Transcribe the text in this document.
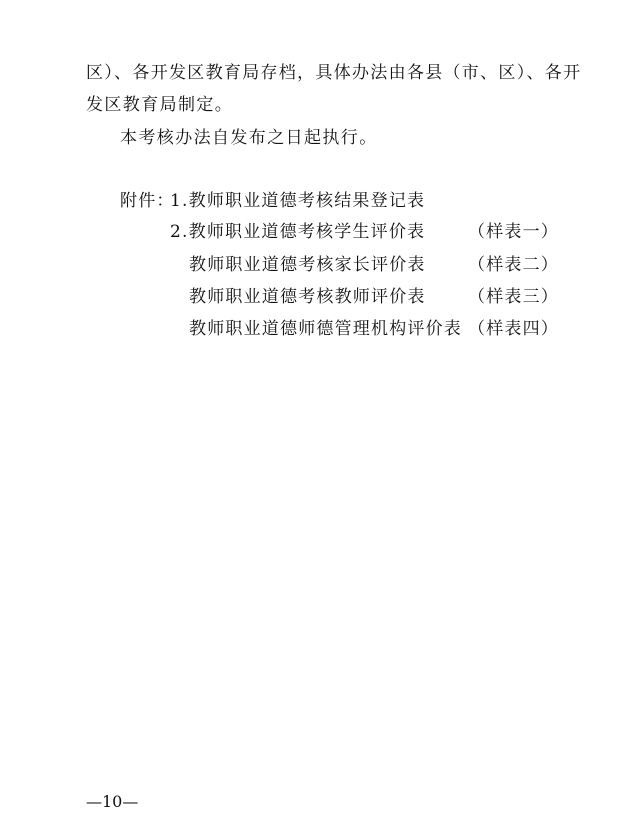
区）、各开发区教育局存档，具体办法由各县（市、区）、各开
发区教育局制定。
本考核办法自发布之日起执行。
附件：
1.教师职业道德考核结果登记表
2.教师职业道德考核学生评价表	（样表一）
教师职业道德考核家长评价表 （样表二）
教师职业道德考核教师评价表 （样表三）
教师职业道德师德管理机构评价表 （样表四）
—10—
